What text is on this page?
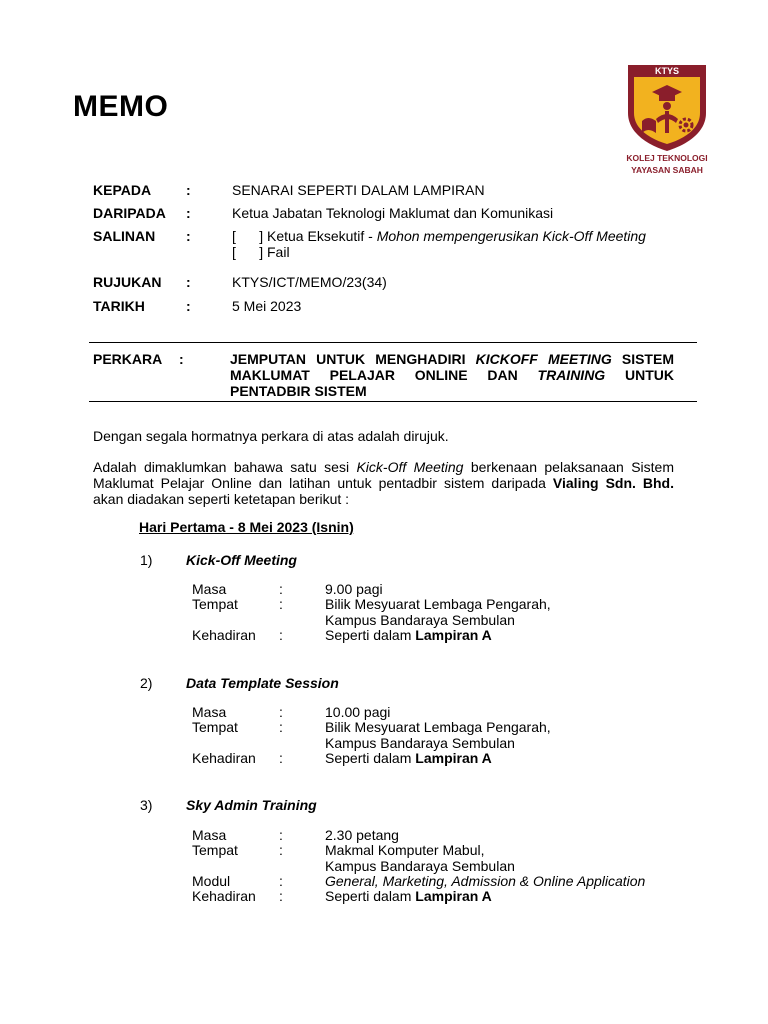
MEMO
KTYS
KOLEJ TEKNOLOGI
YAYASAN SABAH
KEPADA :	SENARAI SEPERTI DALAM LAMPIRAN
DARIPADA :	Ketua Jabatan Teknologi Maklumat dan Komunikasi
SALINAN :	[      ] Ketua Eksekutif - Mohon mempengerusikan Kick-Off Meeting
[      ] Fail
RUJUKAN :	KTYS/ICT/MEMO/23(34)
TARIKH	:	5 Mei 2023
PERKARA :	JEMPUTAN UNTUK MENGHADIRI KICKOFF MEETING SISTEM MAKLUMAT PELAJAR ONLINE DAN TRAINING UNTUK PENTADBIR SISTEM
Dengan segala hormatnya perkara di atas adalah dirujuk.
Adalah dimaklumkan bahawa satu sesi Kick-Off Meeting berkenaan pelaksanaan Sistem Maklumat Pelajar Online dan latihan untuk pentadbir sistem daripada Vialing Sdn. Bhd. akan diadakan seperti ketetapan berikut :
Hari Pertama - 8 Mei 2023 (Isnin)
1) Kick-Off Meeting
Masa	:	9.00 pagi
Tempat	:	Bilik Mesyuarat Lembaga Pengarah,
Kampus Bandaraya Sembulan
Kehadiran :	Seperti dalam Lampiran A
2) Data Template Session
Masa	:	10.00 pagi
Tempat	:	Bilik Mesyuarat Lembaga Pengarah,
Kampus Bandaraya Sembulan
Kehadiran :	Seperti dalam Lampiran A
3) Sky Admin Training
Masa	:	2.30 petang
Tempat	:	Makmal Komputer Mabul,
Kampus Bandaraya Sembulan
Modul	:	General, Marketing, Admission & Online Application
Kehadiran :	Seperti dalam Lampiran A
